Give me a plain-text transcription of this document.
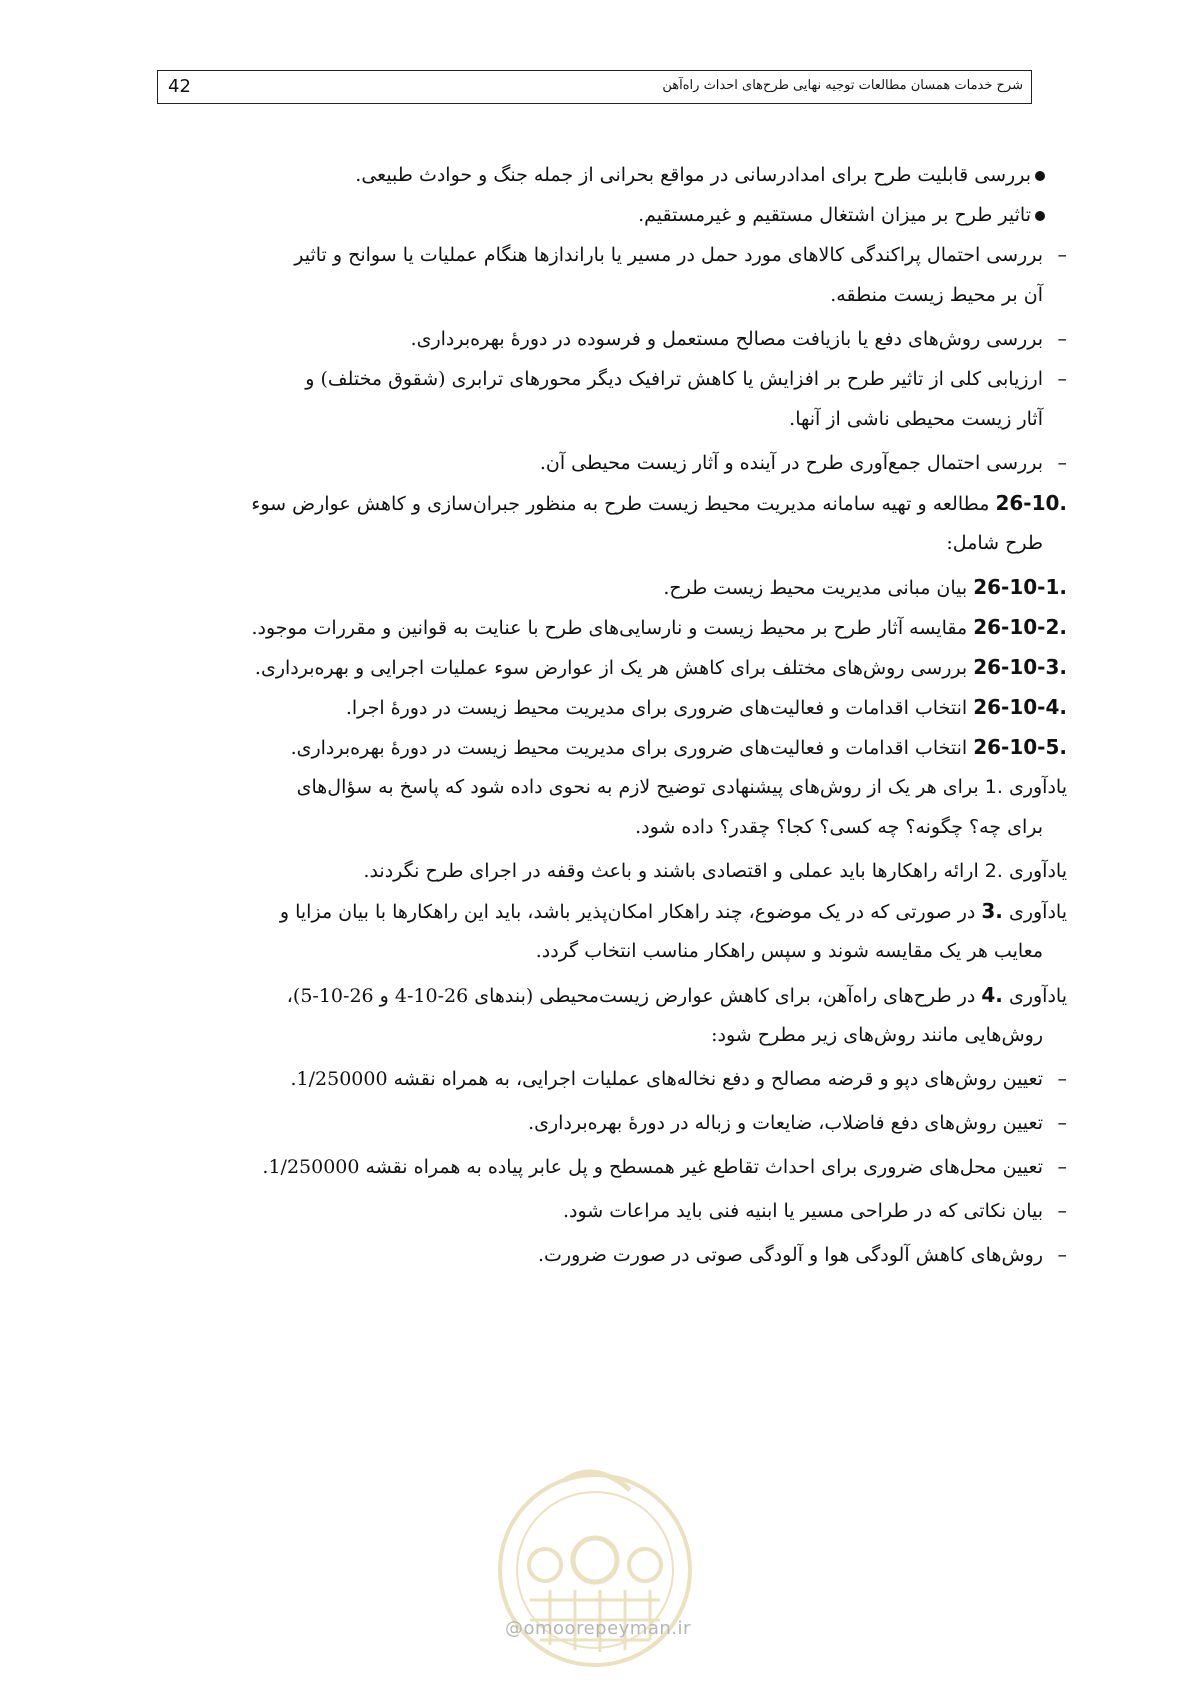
شرح خدمات همسان مطالعات توجیه نهایی طرح‌های احداث راه‌آهن
42
بررسی قابلیت طرح برای امدادرسانی در مواقع بحرانی از جمله جنگ و حوادث طبیعی.
تاثیر طرح بر میزان اشتغال مستقیم و غیرمستقیم.
–
بررسی احتمال پراکندگی کالاهای مورد حمل در مسیر یا باراندازها هنگام عملیات یا سوانح و تاثیر
آن بر محیط زیست منطقه.
–
بررسی روش‌های دفع یا بازیافت مصالح مستعمل و فرسوده در دورهٔ بهره‌برداری.
–
ارزیابی کلی از تاثیر طرح بر افزایش یا کاهش ترافیک دیگر محورهای ترابری (شقوق مختلف) و
آثار زیست محیطی ناشی از آنها.
–
بررسی احتمال جمع‌آوری طرح در آینده و آثار زیست محیطی آن.
26-10. مطالعه و تهیه سامانه مدیریت محیط زیست طرح به منظور جبران‌سازی و کاهش عوارض سوء
طرح شامل:
26-10-1. بیان مبانی مدیریت محیط زیست طرح.
26-10-2. مقایسه آثار طرح بر محیط زیست و نارسایی‌های طرح با عنایت به قوانین و مقررات موجود.
26-10-3. بررسی روش‌های مختلف برای کاهش هر یک از عوارض سوء عملیات اجرایی و بهره‌برداری.
26-10-4. انتخاب اقدامات و فعالیت‌های ضروری برای مدیریت محیط زیست در دورهٔ اجرا.
26-10-5. انتخاب اقدامات و فعالیت‌های ضروری برای مدیریت محیط زیست در دورهٔ بهره‌برداری.
یادآوری 1. برای هر یک از روش‌های پیشنهادی توضیح لازم به نحوی داده شود که پاسخ به سؤال‌های
برای چه؟ چگونه؟ چه کسی؟ کجا؟ چقدر؟ داده شود.
یادآوری 2. ارائه راهکارها باید عملی و اقتصادی باشند و باعث وقفه در اجرای طرح نگردند.
یادآوری 3. در صورتی که در یک موضوع، چند راهکار امکان‌پذیر باشد، باید این راهکارها با بیان مزایا و
معایب هر یک مقایسه شوند و سپس راهکار مناسب انتخاب گردد.
یادآوری 4. در طرح‌های راه‌آهن، برای کاهش عوارض زیست‌محیطی (بندهای 26-10-4 و 26-10-5)،
روش‌هایی مانند روش‌های زیر مطرح شود:
–
تعیین روش‌های دپو و قرضه مصالح و دفع نخاله‌های عملیات اجرایی، به همراه نقشه 1/250000.
–
تعیین روش‌های دفع فاضلاب، ضایعات و زباله در دورهٔ بهره‌برداری.
–
تعیین محل‌های ضروری برای احداث تقاطع غیر همسطح و پل عابر پیاده به همراه نقشه 1/250000.
–
بیان نکاتی که در طراحی مسیر یا ابنیه فنی باید مراعات شود.
–
روش‌های کاهش آلودگی هوا و آلودگی صوتی در صورت ضرورت.
@omoorepeyman.ir
